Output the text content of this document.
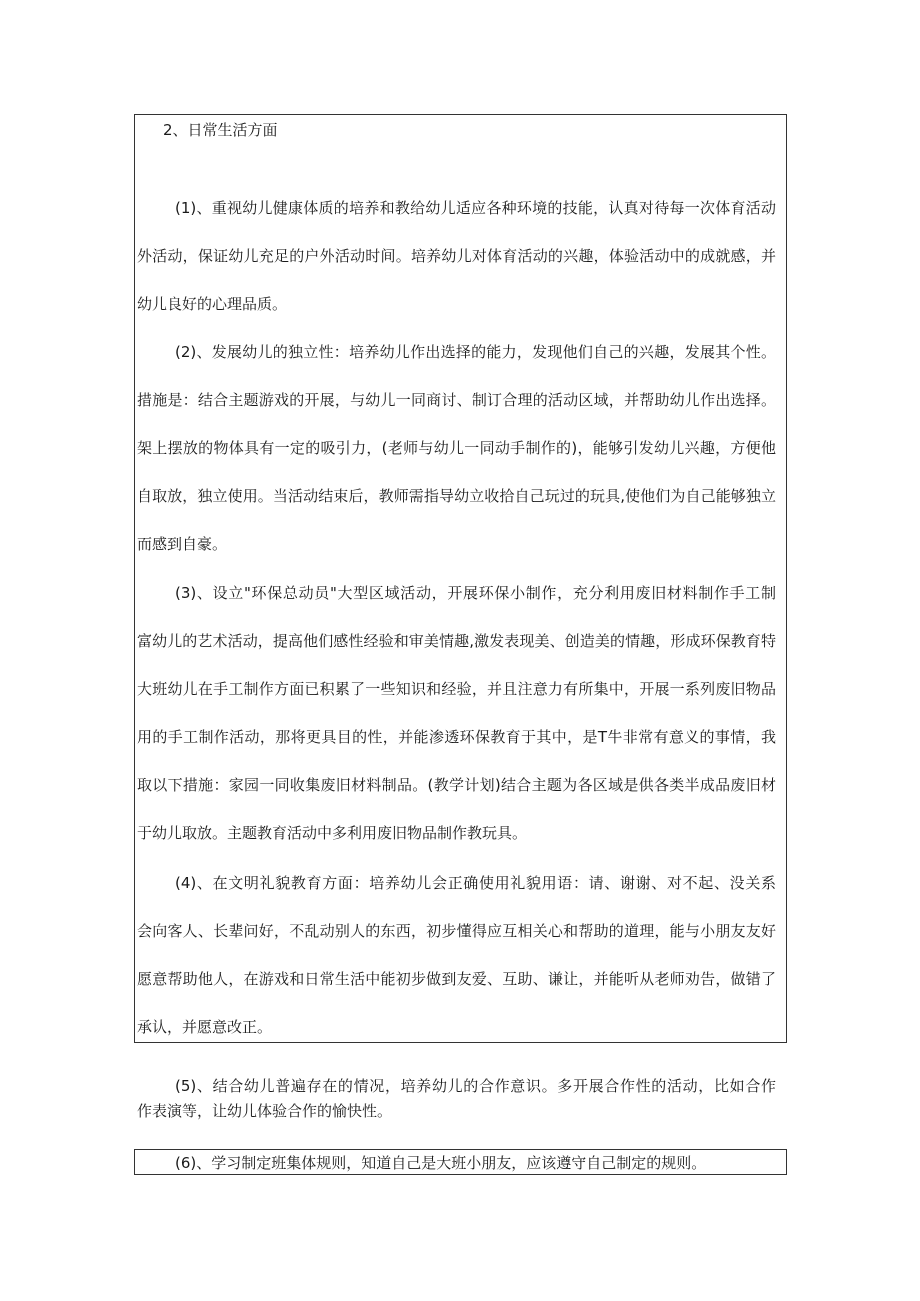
2、日常生活方面
(1)、重视幼儿健康体质的培养和教给幼儿适应各种环境的技能，认真对待每一次体育活动
外活动，保证幼儿充足的户外活动时间。培养幼儿对体育活动的兴趣，体验活动中的成就感，并
幼儿良好的心理品质。
(2)、发展幼儿的独立性：培养幼儿作出选择的能力，发现他们自己的兴趣，发展其个性。
措施是：结合主题游戏的开展，与幼儿一同商讨、制订合理的活动区域，并帮助幼儿作出选择。
架上摆放的物体具有一定的吸引力，(老师与幼儿一同动手制作的)，能够引发幼儿兴趣，方便他
自取放，独立使用。当活动结束后，教师需指导幼立收拾自己玩过的玩具,使他们为自己能够独立
而感到自豪。
(3)、设立"环保总动员"大型区域活动，开展环保小制作，充分利用废旧材料制作手工制
富幼儿的艺术活动，提高他们感性经验和审美情趣,激发表现美、创造美的情趣，形成环保教育特
大班幼儿在手工制作方面已积累了一些知识和经验，并且注意力有所集中，开展一系列废旧物品
用的手工制作活动，那将更具目的性，并能渗透环保教育于其中，是T牛非常有意义的事情，我
取以下措施：家园一同收集废旧材料制品。(教学计划)结合主题为各区域是供各类半成品废旧材
于幼儿取放。主题教育活动中多利用废旧物品制作教玩具。
(4)、在文明礼貌教育方面：培养幼儿会正确使用礼貌用语：请、谢谢、对不起、没关系
会向客人、长辈问好，不乱动别人的东西，初步懂得应互相关心和帮助的道理，能与小朋友友好
愿意帮助他人，在游戏和日常生活中能初步做到友爱、互助、谦让，并能听从老师劝告，做错了
承认，并愿意改正。
(5)、结合幼儿普遍存在的情况，培养幼儿的合作意识。多开展合作性的活动，比如合作
作表演等，让幼儿体验合作的愉快性。
(6)、学习制定班集体规则，知道自己是大班小朋友，应该遵守自己制定的规则。
